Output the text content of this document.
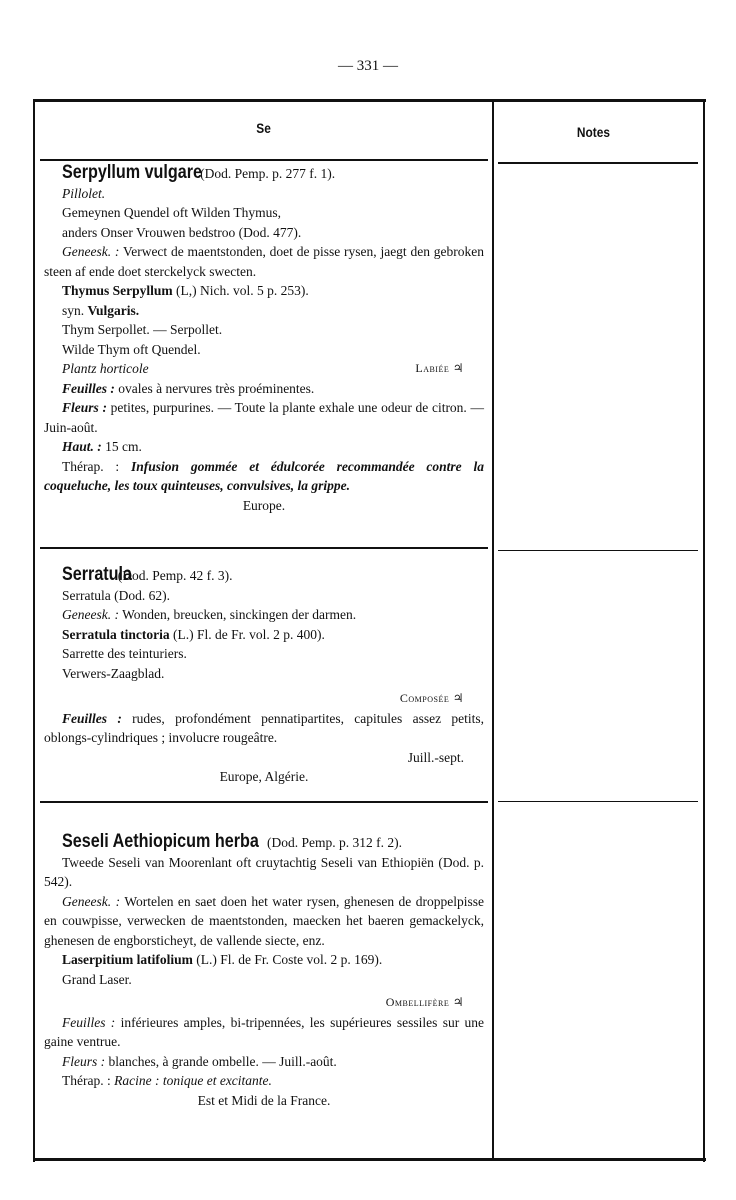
— 331 —
Se	Notes
Serpyllum vulgare (Dod. Pemp. p. 277 f. 1).
Pillolet.
Gemeynen Quendel oft Wilden Thymus,
anders Onser Vrouwen bedstroo (Dod. 477).
Geneesk. : Verwect de maentstonden, doet de pisse rysen, jaegt den gebroken steen af ende doet sterckelyck swecten.
Thymus Serpyllum (L,) Nich. vol. 5 p. 253).
syn. Vulgaris.
Thym Serpollet. — Serpollet.
Wilde Thym oft Quendel.
Plantz horticole	Labiée ♃
Feuilles : ovales à nervures très proéminentes.
Fleurs : petites, purpurines. — Toute la plante exhale une odeur de citron. — Juin-août.
Haut. : 15 cm.
Thérap. : Infusion gommée et édulcorée recommandée contre la coqueluche, les toux quinteuses, convulsives, la grippe.
Europe.
Serratula (Dod. Pemp. 42 f. 3).
Serratula (Dod. 62).
Geneesk. : Wonden, breucken, sinckingen der darmen.
Serratula tinctoria (L.) Fl. de Fr. vol. 2 p. 400).
Sarrette des teinturiers.
Verwers-Zaagblad.
Composée ♃
Feuilles : rudes, profondément pennatipartites, capitules assez petits, oblongs-cylindriques ; involucre rougeâtre.
Juill.-sept.
Europe, Algérie.
Seseli Aethiopicum herba (Dod. Pemp. p. 312 f. 2).
Tweede Seseli van Moorenlant oft cruytachtig Seseli van Ethiopiën (Dod. p. 542).
Geneesk. : Wortelen en saet doen het water rysen, ghenesen de droppelpisse en couwpisse, verwecken de maentstonden, maecken het baeren gemackelyck, ghenesen de engborsticheyt, de vallende siecte, enz.
Laserpitium latifolium (L.) Fl. de Fr. Coste vol. 2 p. 169).
Grand Laser.
Ombellifère ♃
Feuilles : inférieures amples, bi-tripennées, les supérieures sessiles sur une gaine ventrue.
Fleurs : blanches, à grande ombelle. — Juill.-août.
Thérap. : Racine : tonique et excitante.
Est et Midi de la France.
